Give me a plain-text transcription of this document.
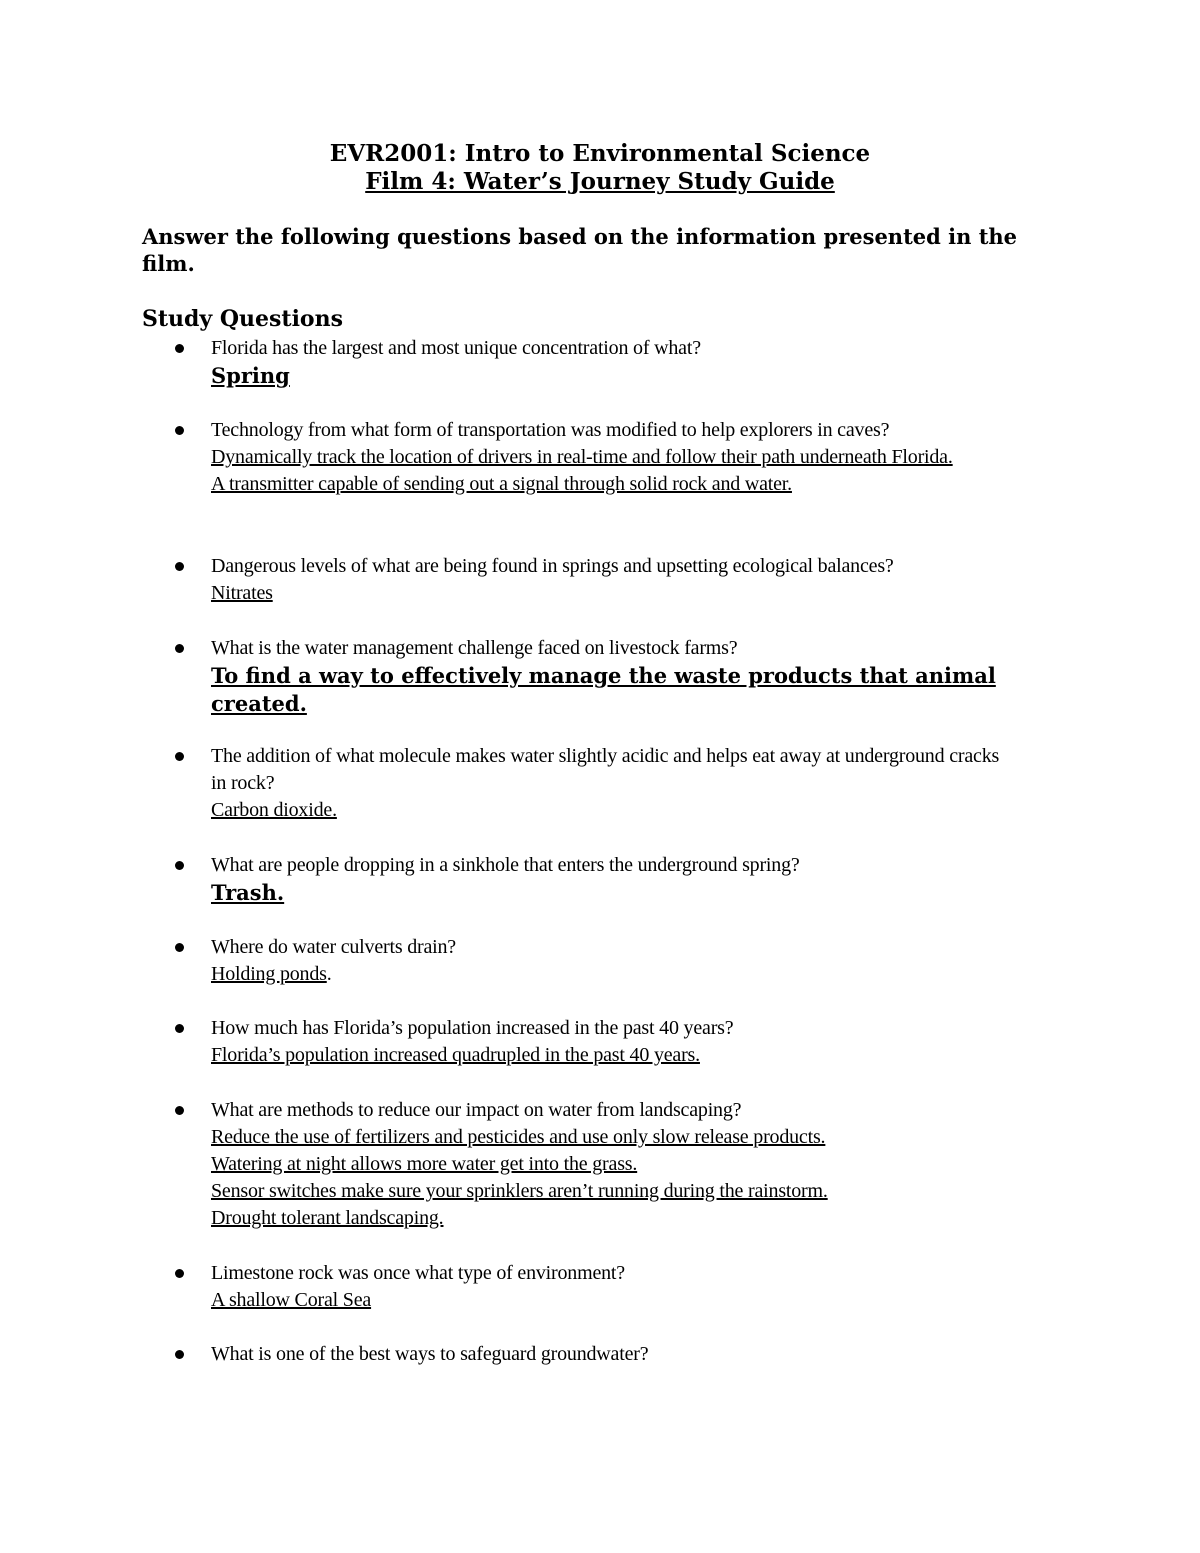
EVR2001: Intro to Environmental Science
Film 4: Water’s Journey Study Guide
Answer the following questions based on the information presented in the film.
Study Questions
Florida has the largest and most unique concentration of what?
Spring
Technology from what form of transportation was modified to help explorers in caves?
Dynamically track the location of drivers in real-time and follow their path underneath Florida.
A transmitter capable of sending out a signal through solid rock and water.
Dangerous levels of what are being found in springs and upsetting ecological balances?
Nitrates
What is the water management challenge faced on livestock farms?
To find a way to effectively manage the waste products that animal created.
The addition of what molecule makes water slightly acidic and helps eat away at underground cracks in rock?
Carbon dioxide.
What are people dropping in a sinkhole that enters the underground spring?
Trash.
Where do water culverts drain?
Holding ponds.
How much has Florida’s population increased in the past 40 years?
Florida’s population increased quadrupled in the past 40 years.
What are methods to reduce our impact on water from landscaping?
Reduce the use of fertilizers and pesticides and use only slow release products.
Watering at night allows more water get into the grass.
Sensor switches make sure your sprinklers aren’t running during the rainstorm.
Drought tolerant landscaping.
Limestone rock was once what type of environment?
A shallow Coral Sea
What is one of the best ways to safeguard groundwater?
